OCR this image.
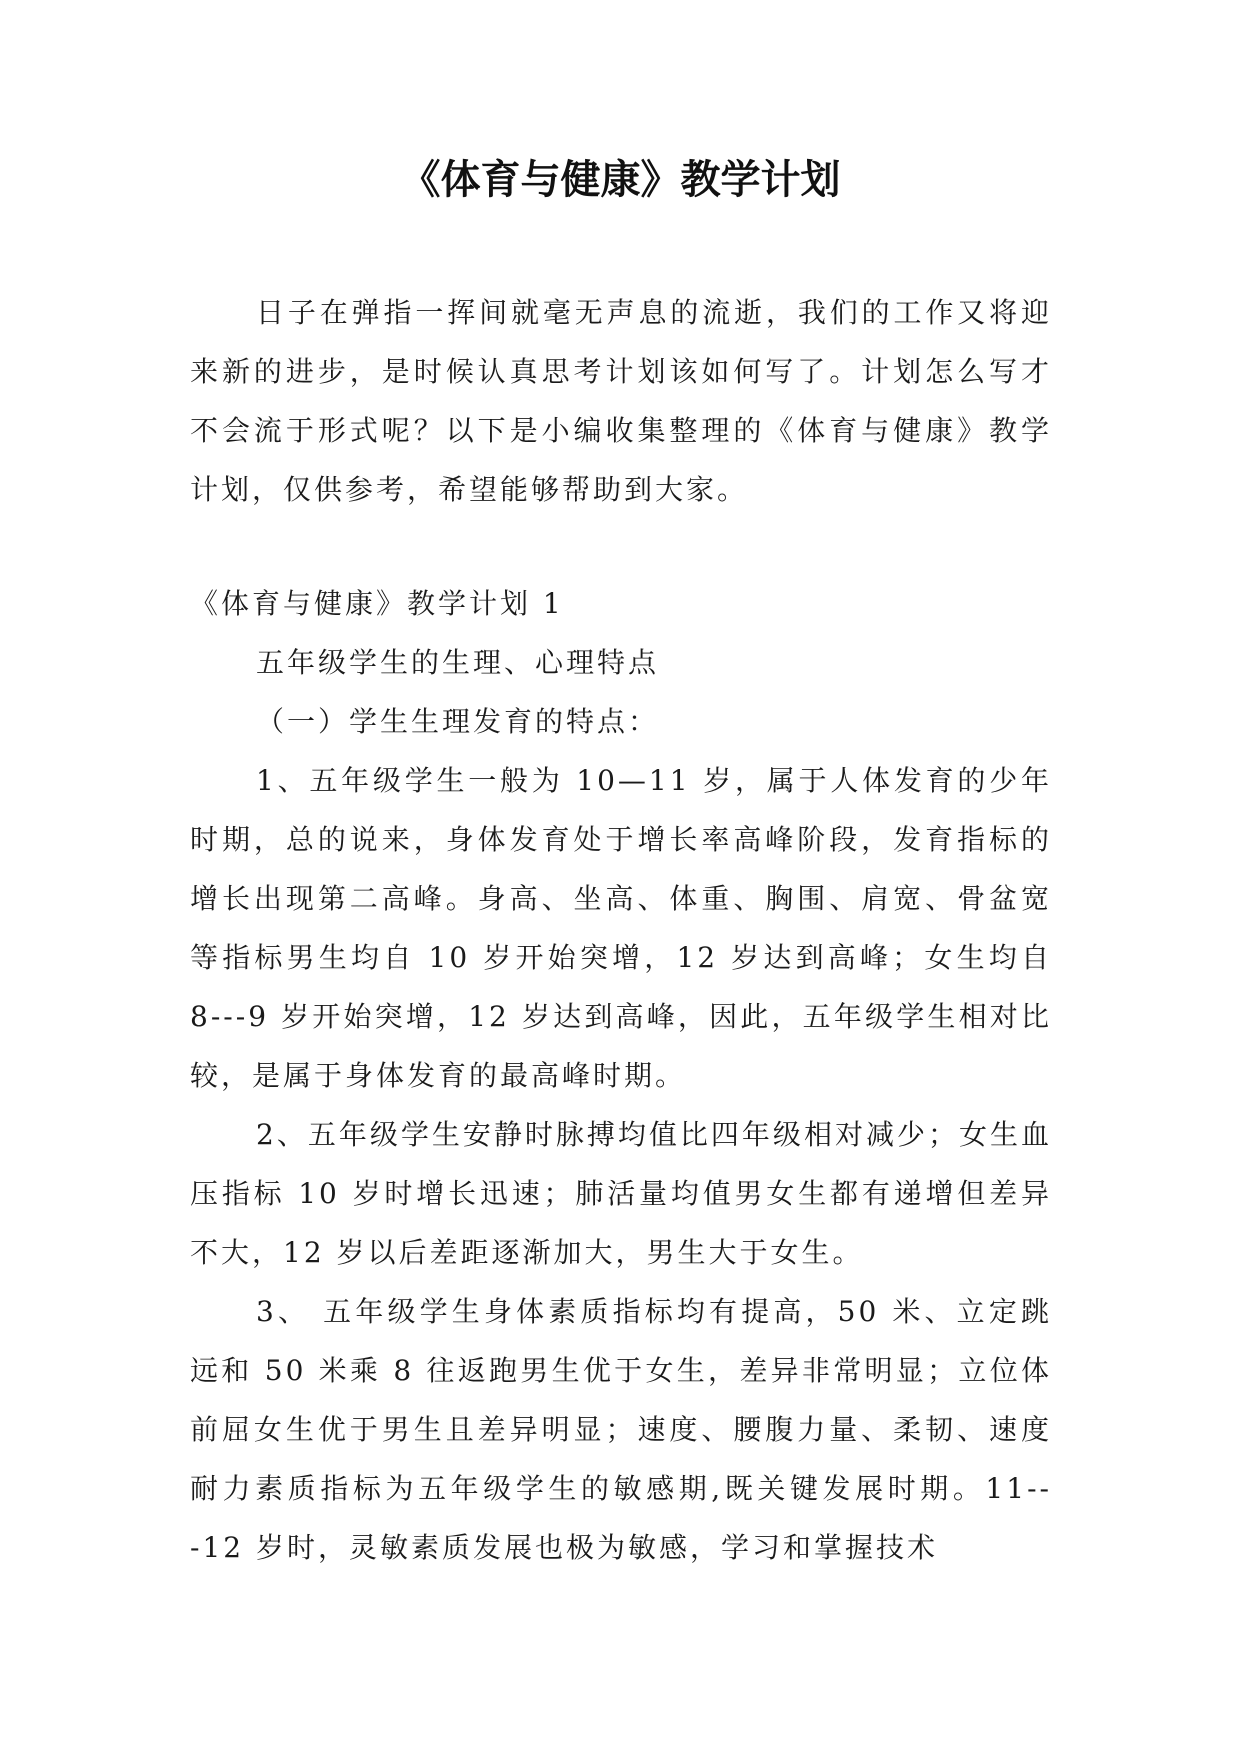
《体育与健康》教学计划

日子在弹指一挥间就毫无声息的流逝，我们的工作又将迎来新的进步，是时候认真思考计划该如何写了。计划怎么写才不会流于形式呢？以下是小编收集整理的《体育与健康》教学计划，仅供参考，希望能够帮助到大家。

《体育与健康》教学计划 1

五年级学生的生理、心理特点

（一）学生生理发育的特点：

1、五年级学生一般为 10—11 岁，属于人体发育的少年时期，总的说来，身体发育处于增长率高峰阶段，发育指标的增长出现第二高峰。身高、坐高、体重、胸围、肩宽、骨盆宽等指标男生均自 10 岁开始突增，12 岁达到高峰；女生均自 8---9 岁开始突增，12 岁达到高峰，因此，五年级学生相对比较，是属于身体发育的最高峰时期。

2、五年级学生安静时脉搏均值比四年级相对减少；女生血压指标 10 岁时增长迅速；肺活量均值男女生都有递增但差异不大，12 岁以后差距逐渐加大，男生大于女生。

3、 五年级学生身体素质指标均有提高，50 米、立定跳远和 50 米乘 8 往返跑男生优于女生，差异非常明显；立位体前屈女生优于男生且差异明显；速度、腰腹力量、柔韧、速度耐力素质指标为五年级学生的敏感期,既关键发展时期。11---12 岁时，灵敏素质发展也极为敏感，学习和掌握技术
